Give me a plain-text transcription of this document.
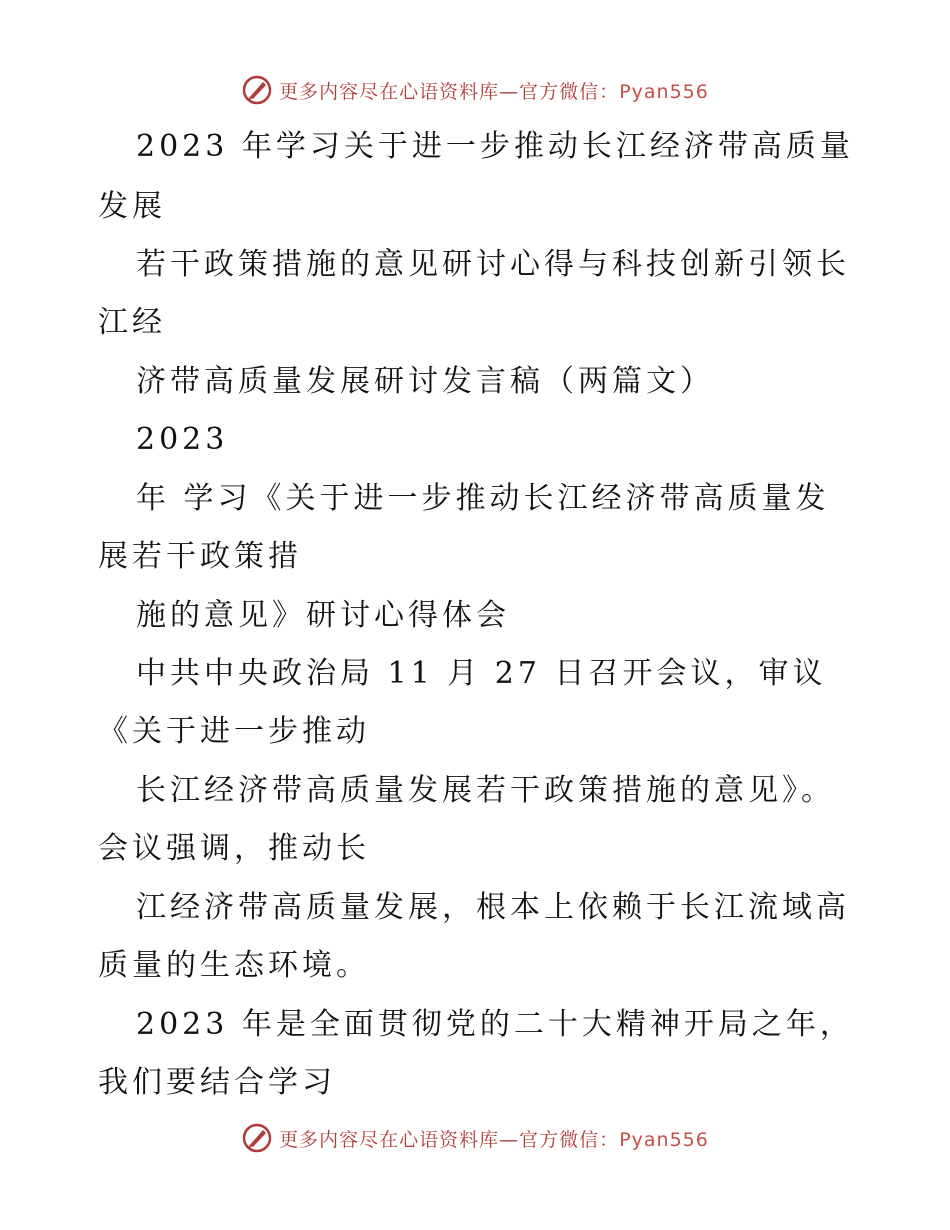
更多内容尽在心语资料库—官方微信：Pyan556
2023 年学习关于进一步推动长江经济带高质量
发展
若干政策措施的意见研讨心得与科技创新引领长
江经
济带高质量发展研讨发言稿（两篇文）
2023
年 学习《关于进一步推动长江经济带高质量发
展若干政策措
施的意见》研讨心得体会
中共中央政治局 11 月 27 日召开会议，审议
《关于进一步推动
长江经济带高质量发展若干政策措施的意见》。
会议强调，推动长
江经济带高质量发展，根本上依赖于长江流域高
质量的生态环境。
2023 年是全面贯彻党的二十大精神开局之年，
我们要结合学习
更多内容尽在心语资料库—官方微信：Pyan556
